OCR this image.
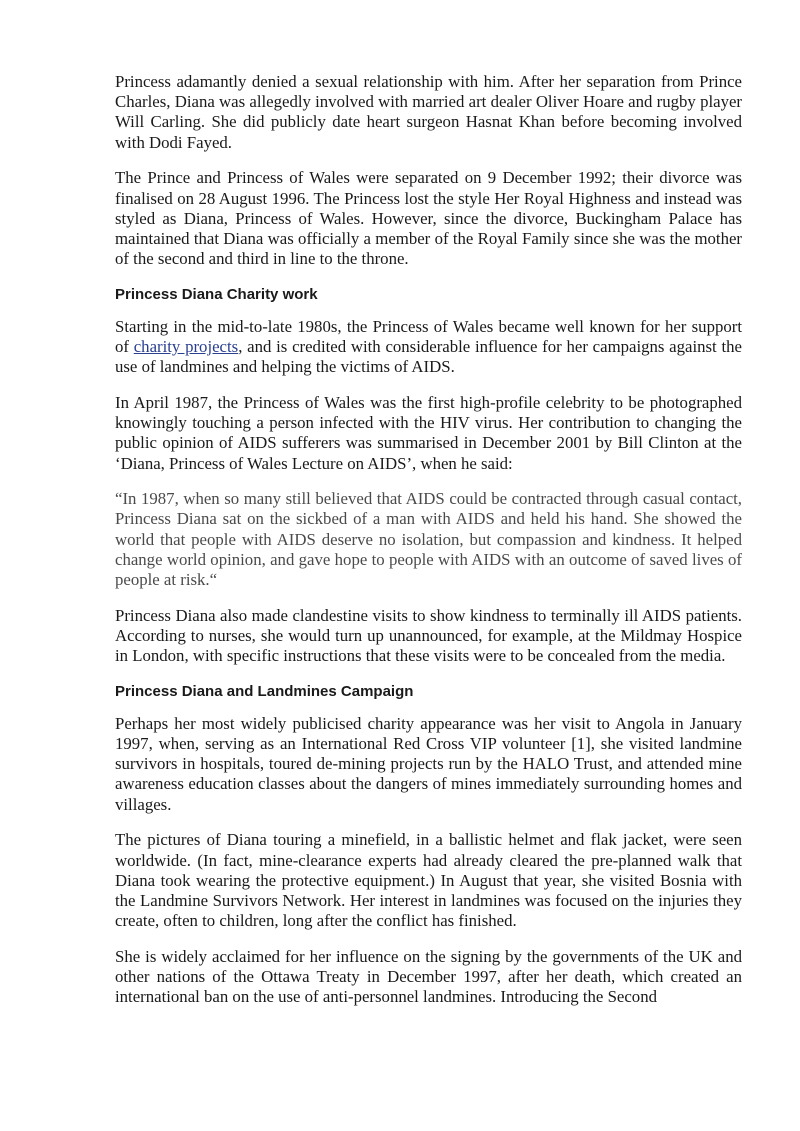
Princess adamantly denied a sexual relationship with him. After her separation from Prince Charles, Diana was allegedly involved with married art dealer Oliver Hoare and rugby player Will Carling. She did publicly date heart surgeon Hasnat Khan before becoming involved with Dodi Fayed.

The Prince and Princess of Wales were separated on 9 December 1992; their divorce was finalised on 28 August 1996. The Princess lost the style Her Royal Highness and instead was styled as Diana, Princess of Wales. However, since the divorce, Buckingham Palace has maintained that Diana was officially a member of the Royal Family since she was the mother of the second and third in line to the throne.

Princess Diana Charity work

Starting in the mid-to-late 1980s, the Princess of Wales became well known for her support of charity projects, and is credited with considerable influence for her campaigns against the use of landmines and helping the victims of AIDS.

In April 1987, the Princess of Wales was the first high-profile celebrity to be photographed knowingly touching a person infected with the HIV virus. Her contribution to changing the public opinion of AIDS sufferers was summarised in December 2001 by Bill Clinton at the ‘Diana, Princess of Wales Lecture on AIDS’, when he said:

“In 1987, when so many still believed that AIDS could be contracted through casual contact, Princess Diana sat on the sickbed of a man with AIDS and held his hand. She showed the world that people with AIDS deserve no isolation, but compassion and kindness. It helped change world opinion, and gave hope to people with AIDS with an outcome of saved lives of people at risk.“

Princess Diana also made clandestine visits to show kindness to terminally ill AIDS patients. According to nurses, she would turn up unannounced, for example, at the Mildmay Hospice in London, with specific instructions that these visits were to be concealed from the media.

Princess Diana and Landmines Campaign

Perhaps her most widely publicised charity appearance was her visit to Angola in January 1997, when, serving as an International Red Cross VIP volunteer [1], she visited landmine survivors in hospitals, toured de-mining projects run by the HALO Trust, and attended mine awareness education classes about the dangers of mines immediately surrounding homes and villages.

The pictures of Diana touring a minefield, in a ballistic helmet and flak jacket, were seen worldwide. (In fact, mine-clearance experts had already cleared the pre-planned walk that Diana took wearing the protective equipment.) In August that year, she visited Bosnia with the Landmine Survivors Network. Her interest in landmines was focused on the injuries they create, often to children, long after the conflict has finished.

She is widely acclaimed for her influence on the signing by the governments of the UK and other nations of the Ottawa Treaty in December 1997, after her death, which created an international ban on the use of anti-personnel landmines. Introducing the Second
